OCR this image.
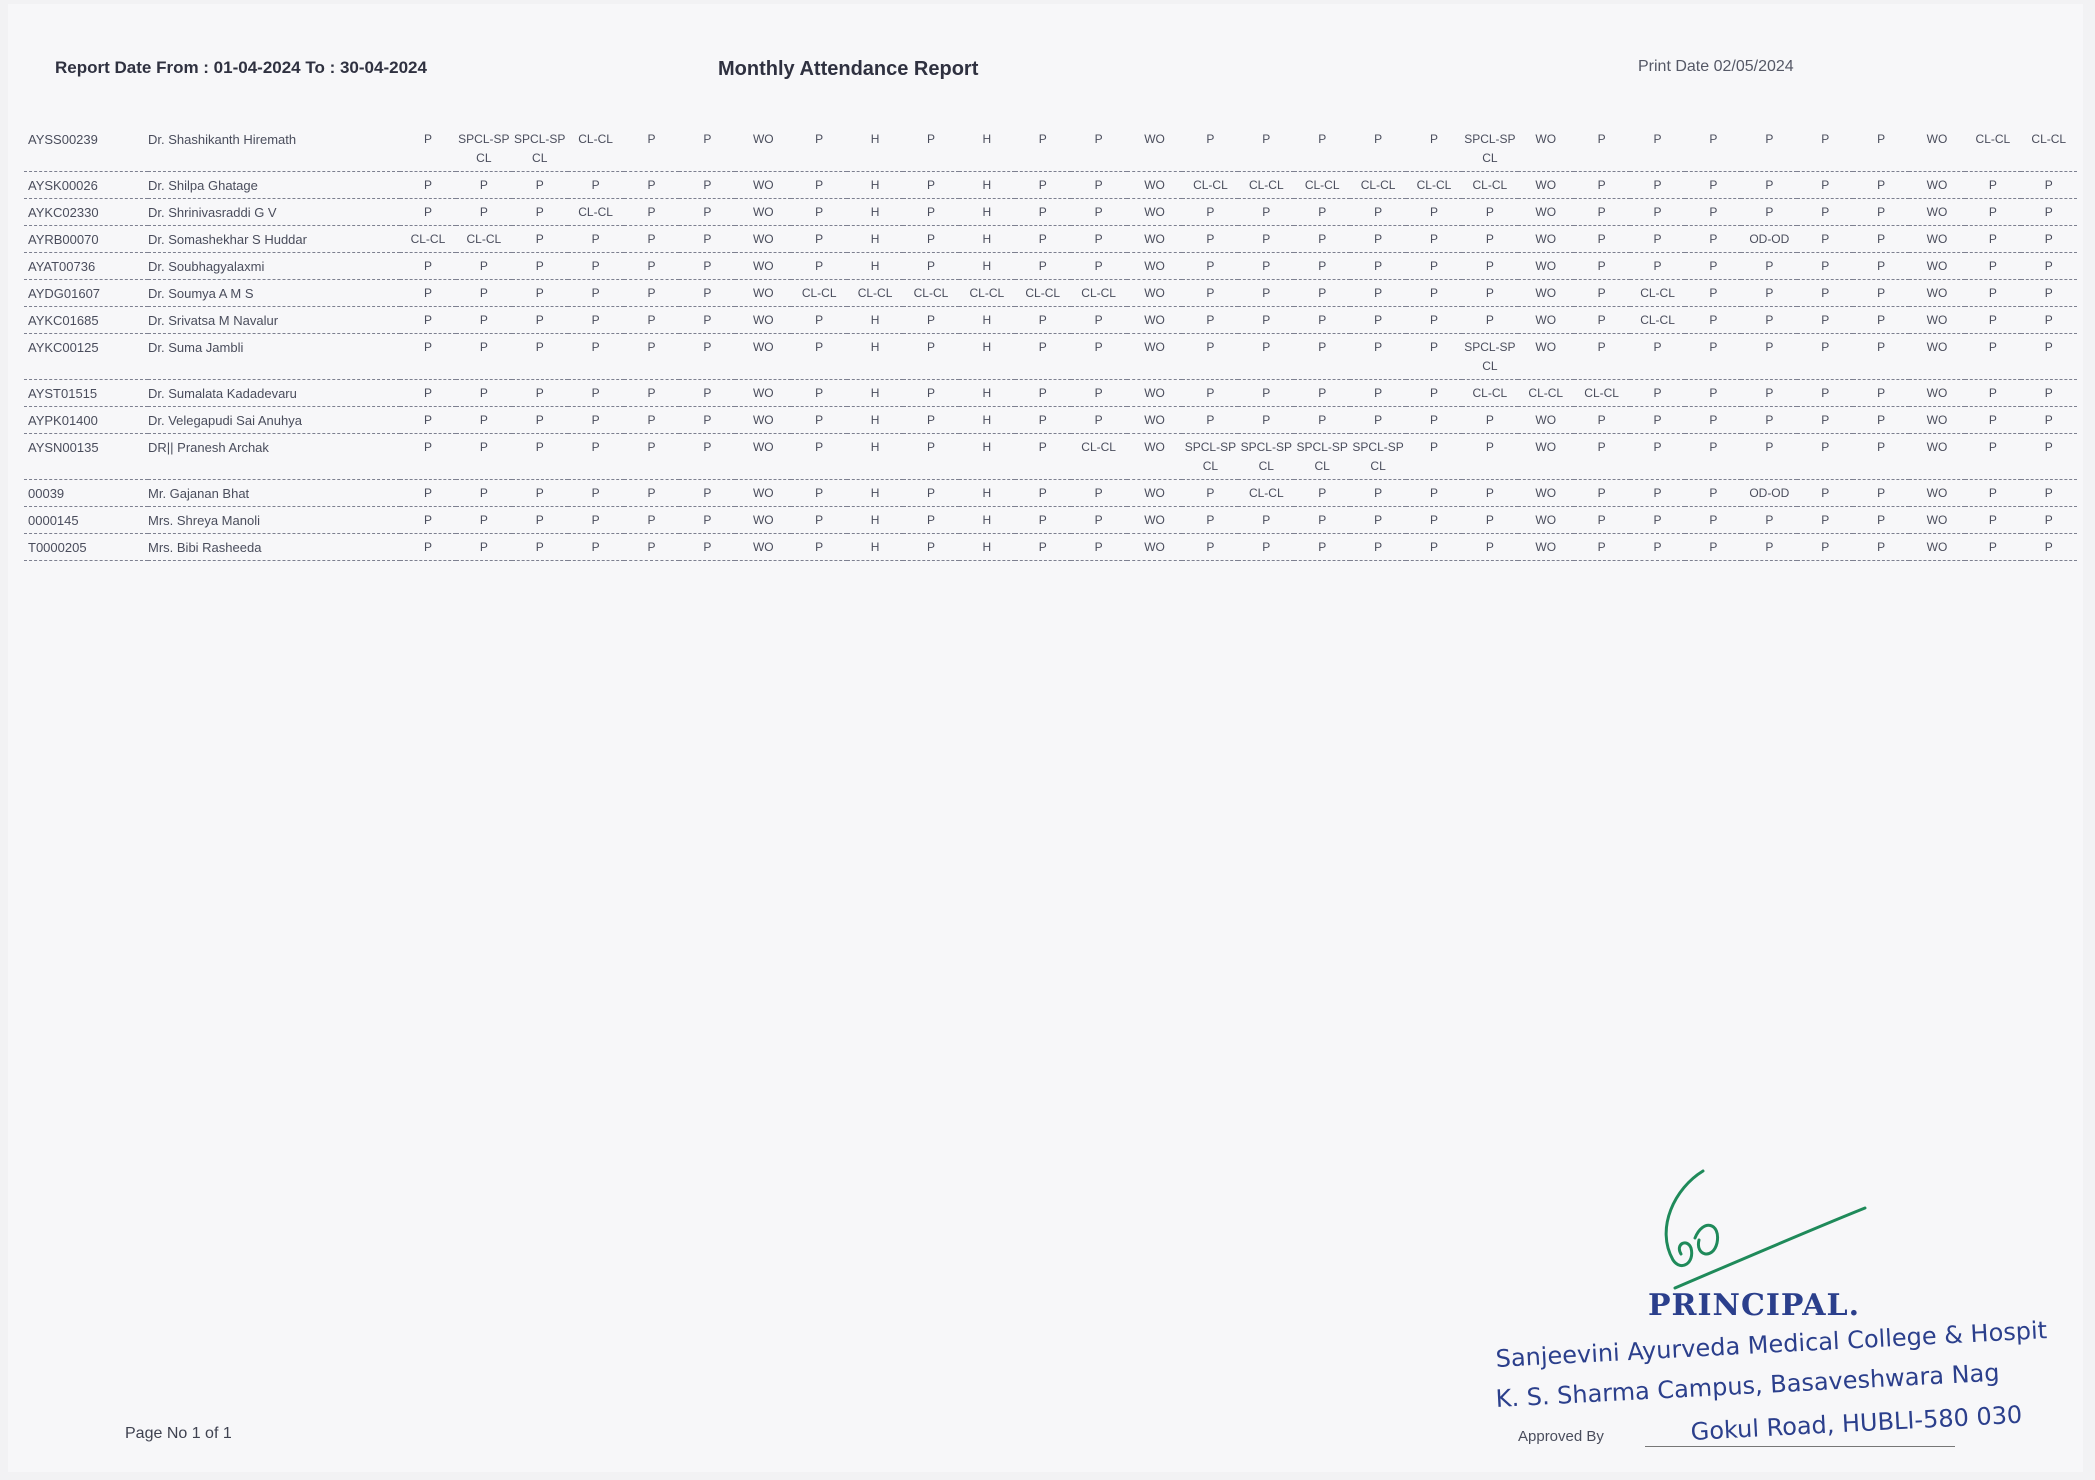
Report Date From : 01-04-2024 To : 30-04-2024	Monthly Attendance Report	Print Date 02/05/2024
AYSS00239	Dr. Shashikanth Hiremath	P	SPCL-SPCL	SPCL-SPCL	CL-CL	P	P	WO	P	H	P	H	P	P	WO	P	P	P	P	P	SPCL-SPCL	WO	P	P	P	P	P	P	WO	CL-CL	CL-CL
AYSK00026	Dr. Shilpa Ghatage	P	P	P	P	P	P	WO	P	H	P	H	P	P	WO	CL-CL	CL-CL	CL-CL	CL-CL	CL-CL	CL-CL	WO	P	P	P	P	P	P	WO	P	P
AYKC02330	Dr. Shrinivasraddi G V	P	P	P	CL-CL	P	P	WO	P	H	P	H	P	P	WO	P	P	P	P	P	P	WO	P	P	P	P	P	P	WO	P	P
AYRB00070	Dr. Somashekhar S Huddar	CL-CL	CL-CL	P	P	P	P	WO	P	H	P	H	P	P	WO	P	P	P	P	P	P	WO	P	P	P	OD-OD	P	P	WO	P	P
AYAT00736	Dr. Soubhagyalaxmi	P	P	P	P	P	P	WO	P	H	P	H	P	P	WO	P	P	P	P	P	P	WO	P	P	P	P	P	P	WO	P	P
AYDG01607	Dr. Soumya A M S	P	P	P	P	P	P	WO	CL-CL	CL-CL	CL-CL	CL-CL	CL-CL	CL-CL	WO	P	P	P	P	P	P	WO	P	CL-CL	P	P	P	P	WO	P	P
AYKC01685	Dr. Srivatsa M Navalur	P	P	P	P	P	P	WO	P	H	P	H	P	P	WO	P	P	P	P	P	P	WO	P	CL-CL	P	P	P	P	WO	P	P
AYKC00125	Dr. Suma Jambli	P	P	P	P	P	P	WO	P	H	P	H	P	P	WO	P	P	P	P	P	SPCL-SPCL	WO	P	P	P	P	P	P	WO	P	P
AYST01515	Dr. Sumalata Kadadevaru	P	P	P	P	P	P	WO	P	H	P	H	P	P	WO	P	P	P	P	P	CL-CL	CL-CL	CL-CL	P	P	P	P	P	WO	P	P
AYPK01400	Dr. Velegapudi Sai Anuhya	P	P	P	P	P	P	WO	P	H	P	H	P	P	WO	P	P	P	P	P	P	WO	P	P	P	P	P	P	WO	P	P
AYSN00135	DR|| Pranesh Archak	P	P	P	P	P	P	WO	P	H	P	H	P	CL-CL	WO	SPCL-SPCL	SPCL-SPCL	SPCL-SPCL	SPCL-SPCL	P	P	WO	P	P	P	P	P	P	WO	P	P
00039	Mr. Gajanan Bhat	P	P	P	P	P	P	WO	P	H	P	H	P	P	WO	P	CL-CL	P	P	P	P	WO	P	P	P	OD-OD	P	P	WO	P	P
0000145	Mrs. Shreya Manoli	P	P	P	P	P	P	WO	P	H	P	H	P	P	WO	P	P	P	P	P	P	WO	P	P	P	P	P	P	WO	P	P
T0000205	Mrs. Bibi Rasheeda	P	P	P	P	P	P	WO	P	H	P	H	P	P	WO	P	P	P	P	P	P	WO	P	P	P	P	P	P	WO	P	P
Page No 1 of 1
PRINCIPAL.
Sanjeevini Ayurveda Medical College & Hospit
K. S. Sharma Campus, Basaveshwara Nag
Gokul Road, HUBLI-580 030
Approved By
